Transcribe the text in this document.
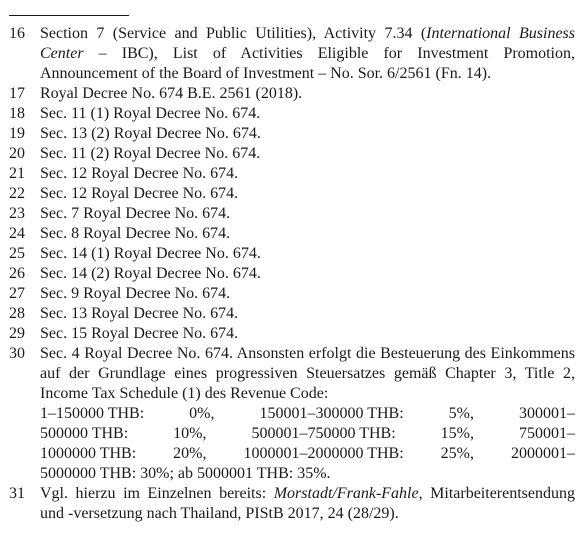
16 Section 7 (Service and Public Utilities), Activity 7.34 (International Business Center – IBC), List of Activities Eligible for Investment Promotion, Announcement of the Board of Investment – No. Sor. 6/2561 (Fn. 14).
17 Royal Decree No. 674 B.E. 2561 (2018).
18 Sec. 11 (1) Royal Decree No. 674.
19 Sec. 13 (2) Royal Decree No. 674.
20 Sec. 11 (2) Royal Decree No. 674.
21 Sec. 12 Royal Decree No. 674.
22 Sec. 12 Royal Decree No. 674.
23 Sec. 7 Royal Decree No. 674.
24 Sec. 8 Royal Decree No. 674.
25 Sec. 14 (1) Royal Decree No. 674.
26 Sec. 14 (2) Royal Decree No. 674.
27 Sec. 9 Royal Decree No. 674.
28 Sec. 13 Royal Decree No. 674.
29 Sec. 15 Royal Decree No. 674.
30 Sec. 4 Royal Decree No. 674. Ansonsten erfolgt die Besteuerung des Einkommens auf der Grundlage eines progressiven Steuersatzes gemäß Chapter 3, Title 2, Income Tax Schedule (1) des Revenue Code:
1–150000 THB:	0%,	150001–300000 THB:	5%,	300001–
500000 THB:	10%,	500001–750000 THB:	15%,	750001–
1000000 THB: 20%, 1000001–2000000 THB: 25%, 2000001–
5000000 THB: 30%; ab 5000001 THB: 35%.
31 Vgl. hierzu im Einzelnen bereits: Morstadt/Frank-Fahle, Mitarbeiterentsendung und -versetzung nach Thailand, PIStB 2017, 24 (28/29).
